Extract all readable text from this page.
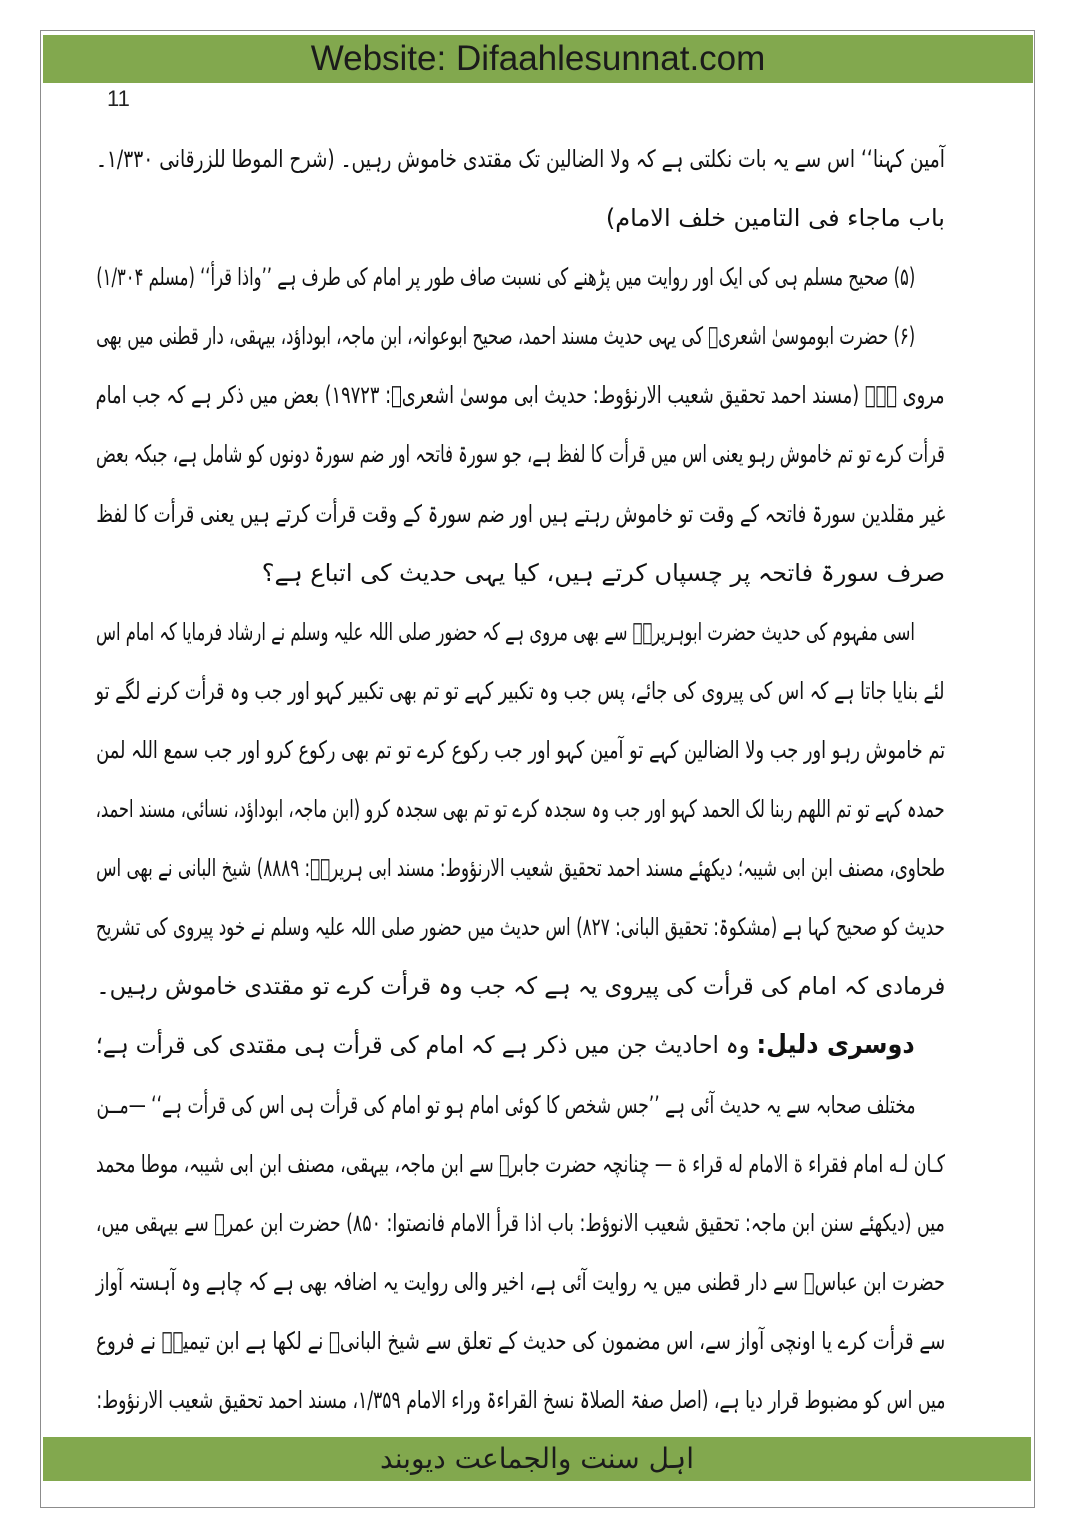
Website: Difaahlesunnat.com
11
آمین کہنا‘‘ اس سے یہ بات نکلتی ہے کہ ولا الضالین تک مقتدی خاموش رہیں۔ (شرح الموطا للزرقانی ۱/۳۳۰۔
باب ماجاء فی التامین خلف الامام)
(۵) صحیح مسلم ہی کی ایک اور روایت میں پڑھنے کی نسبت صاف طور پر امام کی طرف ہے ’’واذا قرأ‘‘ (مسلم ۱/۳۰۴)
(۶) حضرت ابوموسیٰ اشعریؓ کی یہی حدیث مسند احمد، صحیح ابوعوانہ، ابن ماجہ، ابوداؤد، بیہقی، دار قطنی میں بھی
مروی ہے۔ (مسند احمد تحقیق شعیب الارنؤوط: حدیث ابی موسیٰ اشعریؓ: ۱۹۷۲۳) بعض میں ذکر ہے کہ جب امام
قرأت کرے تو تم خاموش رہو یعنی اس میں قرأت کا لفظ ہے، جو سورۃ فاتحہ اور ضم سورۃ دونوں کو شامل ہے، جبکہ بعض
غیر مقلدین سورۃ فاتحہ کے وقت تو خاموش رہتے ہیں اور ضم سورۃ کے وقت قرأت کرتے ہیں یعنی قرأت کا لفظ
صرف سورۃ فاتحہ پر چسپاں کرتے ہیں، کیا یہی حدیث کی اتباع ہے؟
اسی مفہوم کی حدیث حضرت ابوہریرہؓ سے بھی مروی ہے کہ حضور صلی اللہ علیہ وسلم نے ارشاد فرمایا کہ امام اس
لئے بنایا جاتا ہے کہ اس کی پیروی کی جائے، پس جب وہ تکبیر کہے تو تم بھی تکبیر کہو اور جب وہ قرأت کرنے لگے تو
تم خاموش رہو اور جب ولا الضالین کہے تو آمین کہو اور جب رکوع کرے تو تم بھی رکوع کرو اور جب سمع اللہ لمن
حمدہ کہے تو تم اللھم ربنا لک الحمد کہو اور جب وہ سجدہ کرے تو تم بھی سجدہ کرو (ابن ماجہ، ابوداؤد، نسائی، مسند احمد،
طحاوی، مصنف ابن ابی شیبہ؛ دیکھئے مسند احمد تحقیق شعیب الارنؤوط: مسند ابی ہریرہؓ: ۸۸۸۹) شیخ البانی نے بھی اس
حدیث کو صحیح کہا ہے (مشکوۃ: تحقیق البانی: ۸۲۷) اس حدیث میں حضور صلی اللہ علیہ وسلم نے خود پیروی کی تشریح
فرمادی کہ امام کی قرأت کی پیروی یہ ہے کہ جب وہ قرأت کرے تو مقتدی خاموش رہیں۔
دوسری دلیل: وہ احادیث جن میں ذکر ہے کہ امام کی قرأت ہی مقتدی کی قرأت ہے؛
مختلف صحابہ سے یہ حدیث آئی ہے ’’جس شخص کا کوئی امام ہو تو امام کی قرأت ہی اس کی قرأت ہے‘‘ —مــن
کـان لـه امام فقراء ة الامام له قراء ة — چنانچہ حضرت جابرؓ سے ابن ماجہ، بیہقی، مصنف ابن ابی شیبہ، موطا محمد
میں (دیکھئے سنن ابن ماجہ: تحقیق شعیب الانوؤط: باب اذا قرأ الامام فانصتوا: ۸۵۰) حضرت ابن عمرؓ سے بیہقی میں،
حضرت ابن عباسؓ سے دار قطنی میں یہ روایت آئی ہے، اخیر والی روایت یہ اضافہ بھی ہے کہ چاہے وہ آہستہ آواز
سے قرأت کرے یا اونچی آواز سے، اس مضمون کی حدیث کے تعلق سے شیخ البانیؒ نے لکھا ہے ابن تیمیہؒ نے فروع
میں اس کو مضبوط قرار دیا ہے، (اصل صفۃ الصلاۃ نسخ القراءۃ وراء الامام ۱/۳۵۹، مسند احمد تحقیق شعیب الارنؤوط:
اہل سنت والجماعت دیوبند
